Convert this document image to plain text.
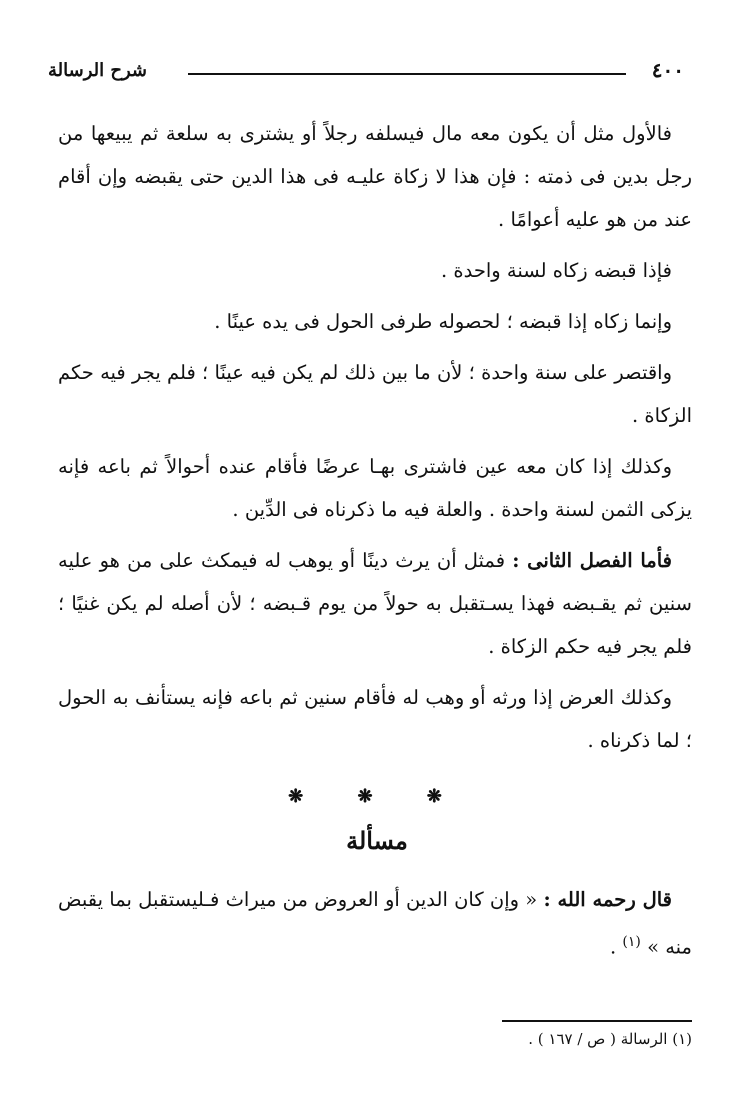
٤٠٠
شرح الرسالة

فالأول مثل أن يكون معه مال فيسلفه رجلاً أو يشترى به سلعة ثم يبيعها من رجل بدين فى ذمته : فإن هذا لا زكاة عليـه فى هذا الدين حتى يقبضه وإن أقام عند من هو عليه أعوامًا .

فإذا قبضه زكاه لسنة واحدة .

وإنما زكاه إذا قبضه ؛ لحصوله طرفى الحول فى يده عينًا .

واقتصر على سنة واحدة ؛ لأن ما بين ذلك لم يكن فيه عينًا ؛ فلم يجر فيه حكم الزكاة .

وكذلك إذا كان معه عين فاشترى بهـا عرضًا فأقام عنده أحوالاً ثم باعه فإنه يزكى الثمن لسنة واحدة . والعلة فيه ما ذكرناه فى الدِّين .

فأما الفصل الثانى : فمثل أن يرث دينًا أو يوهب له فيمكث على من هو عليه سنين ثم يقـبضه فهذا يسـتقبل به حولاً من يوم قـبضه ؛ لأن أصله لم يكن غنيًا ؛ فلم يجر فيه حكم الزكاة .

وكذلك العرض إذا ورثه أو وهب له فأقام سنين ثم باعه فإنه يستأنف به الحول ؛ لما ذكرناه .

❋ ❋ ❋
مسألة

قال رحمه الله : « وإن كان الدين أو العروض من ميراث فـليستقبل بما يقبض منه » $^{(١)}$ .

(١) الرسالة ( ص / ١٦٧ ) .
